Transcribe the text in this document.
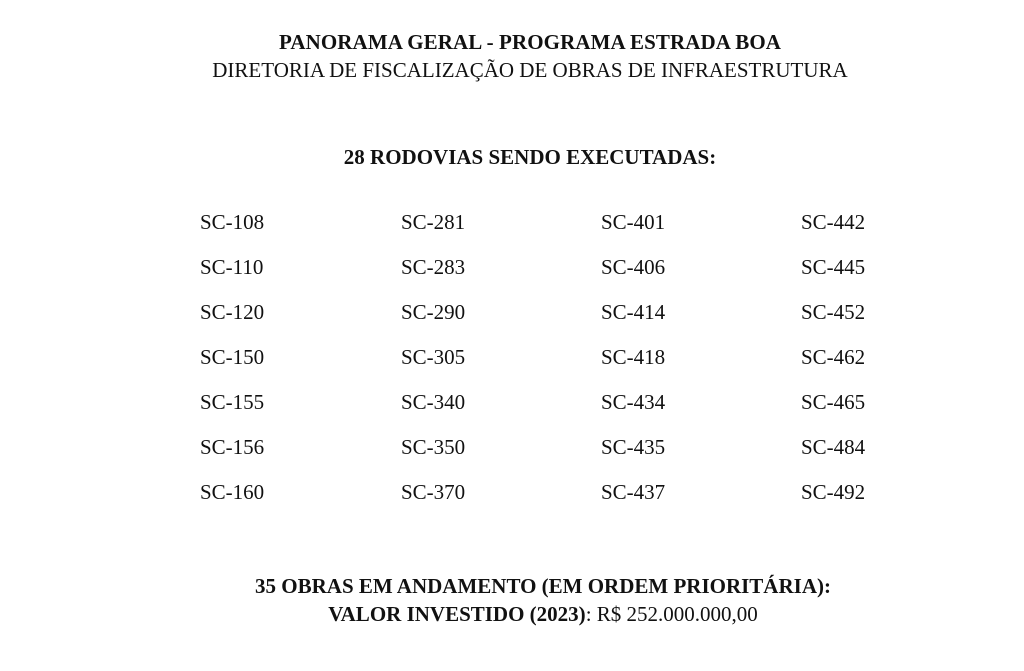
PANORAMA GERAL - PROGRAMA ESTRADA BOA
DIRETORIA DE FISCALIZAÇÃO DE OBRAS DE INFRAESTRUTURA
28 RODOVIAS SENDO EXECUTADAS:
SC-108	SC-281	SC-401	SC-442
SC-110	SC-283	SC-406	SC-445
SC-120	SC-290	SC-414	SC-452
SC-150	SC-305	SC-418	SC-462
SC-155	SC-340	SC-434	SC-465
SC-156	SC-350	SC-435	SC-484
SC-160	SC-370	SC-437	SC-492
35 OBRAS EM ANDAMENTO (EM ORDEM PRIORITÁRIA):
VALOR INVESTIDO (2023): R$ 252.000.000,00
